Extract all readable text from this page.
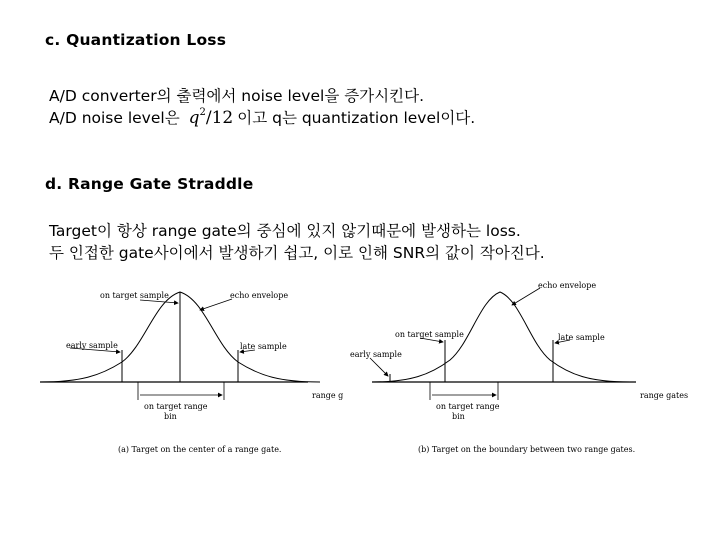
c. Quantization Loss
A/D converter의 출력에서 noise level을 증가시킨다.
A/D noise level은 $q^2/12$ 이고 q는 quantization level이다.
d. Range Gate Straddle
Target이 항상 range gate의 중심에 있지 않기때문에 발생하는 loss.
두 인접한 gate사이에서 발생하기 쉽고, 이로 인해 SNR의 값이 작아진다.
on target sample	echo envelope
early sample	late sample
on target range
bin
range g
(a) Target on the center of a range gate.
echo envelope
on target sample	late sample
early sample
on target range
bin
range gates
(b) Target on the boundary between two range gates.
